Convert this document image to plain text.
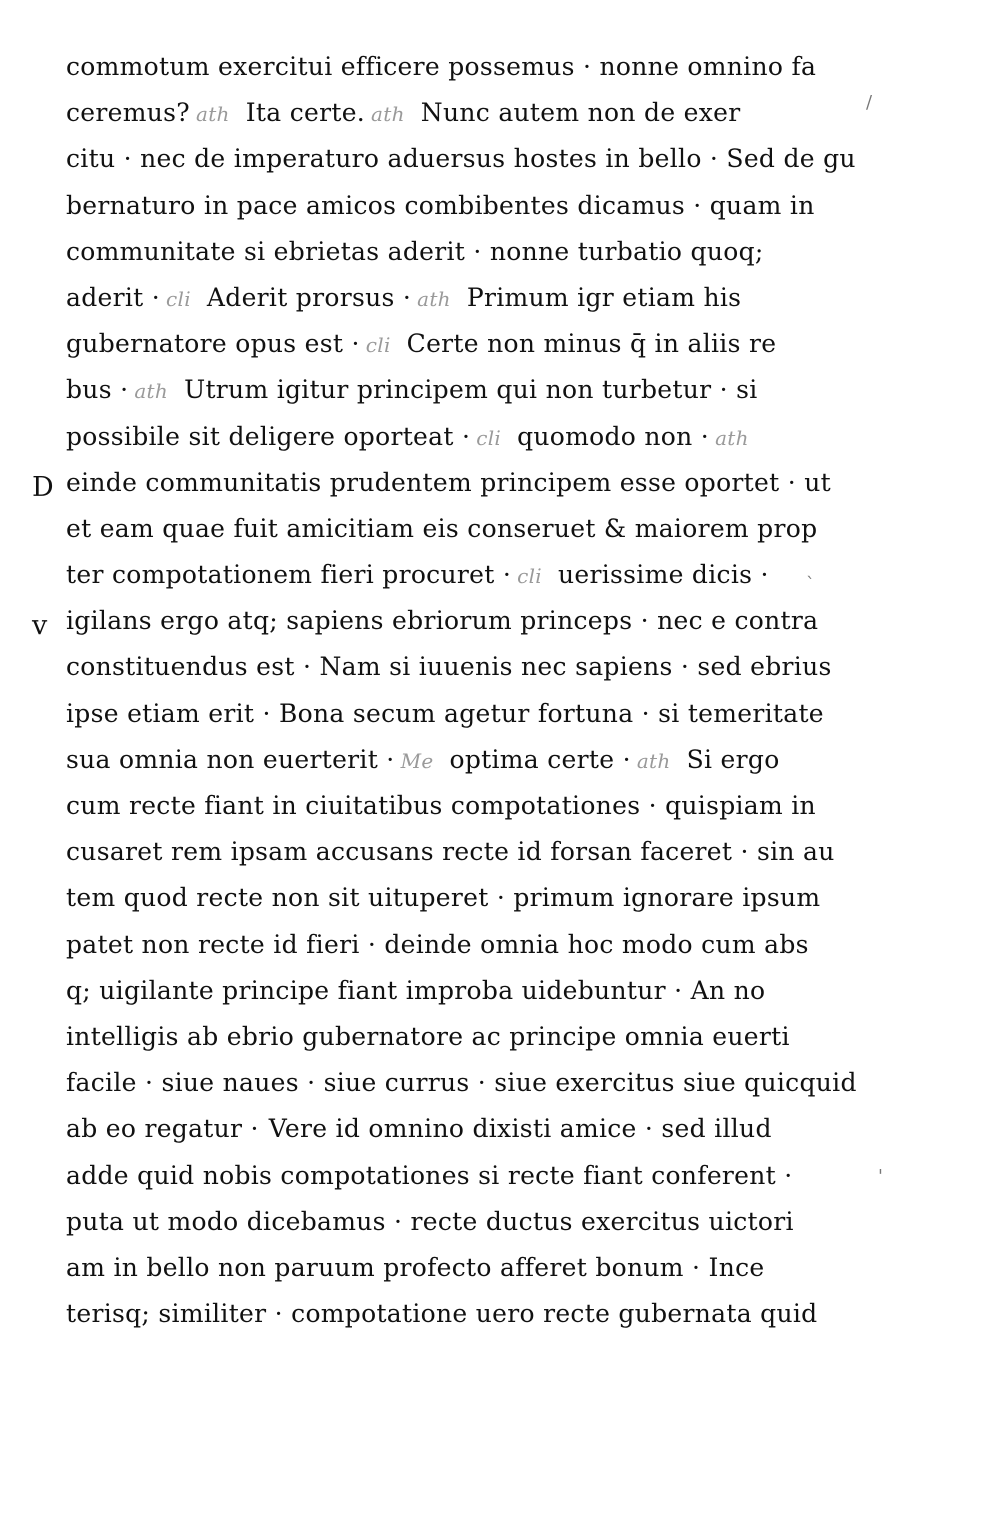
commotum exercitui efficere possemus · nonne omnino fa
ceremus? ath Ita certe. ath Nunc autem non de exer
citu · nec de imperaturo aduersus hostes in bello · Sed de gu
bernaturo in pace amicos combibentes dicamus · quam in
communitate si ebrietas aderit · nonne turbatio quoq;
aderit · cli Aderit prorsus · ath Primum igr etiam his
gubernatore opus est · cli Certe non minus q̄ in aliis re
bus · ath Utrum igitur principem qui non turbetur · si
possibile sit deligere oporteat · cli quomodo non · ath
einde communitatis prudentem principem esse oportet · ut
et eam quae fuit amicitiam eis conseruet & maiorem prop
ter compotationem fieri procuret · cli uerissime dicis ·
igilans ergo atq; sapiens ebriorum princeps · nec e contra
constituendus est · Nam si iuuenis nec sapiens · sed ebrius
ipse etiam erit · Bona secum agetur fortuna · si temeritate
sua omnia non euerterit · Me optima certe · ath Si ergo
cum recte fiant in ciuitatibus compotationes · quispiam in
cusaret rem ipsam accusans recte id forsan faceret · sin au
tem quod recte non sit uituperet · primum ignorare ipsum
patet non recte id fieri · deinde omnia hoc modo cum abs
q; uigilante principe fiant improba uidebuntur · An no
intelligis ab ebrio gubernatore ac principe omnia euerti
facile · siue naues · siue currus · siue exercitus siue quicquid
ab eo regatur · Vere id omnino dixisti amice · sed illud
adde quid nobis compotationes si recte fiant conferent ·
puta ut modo dicebamus · recte ductus exercitus uictori
am in bello non paruum profecto afferet bonum · Ince
terisq; similiter · compotatione uero recte gubernata quid
D
v
/
`
'
